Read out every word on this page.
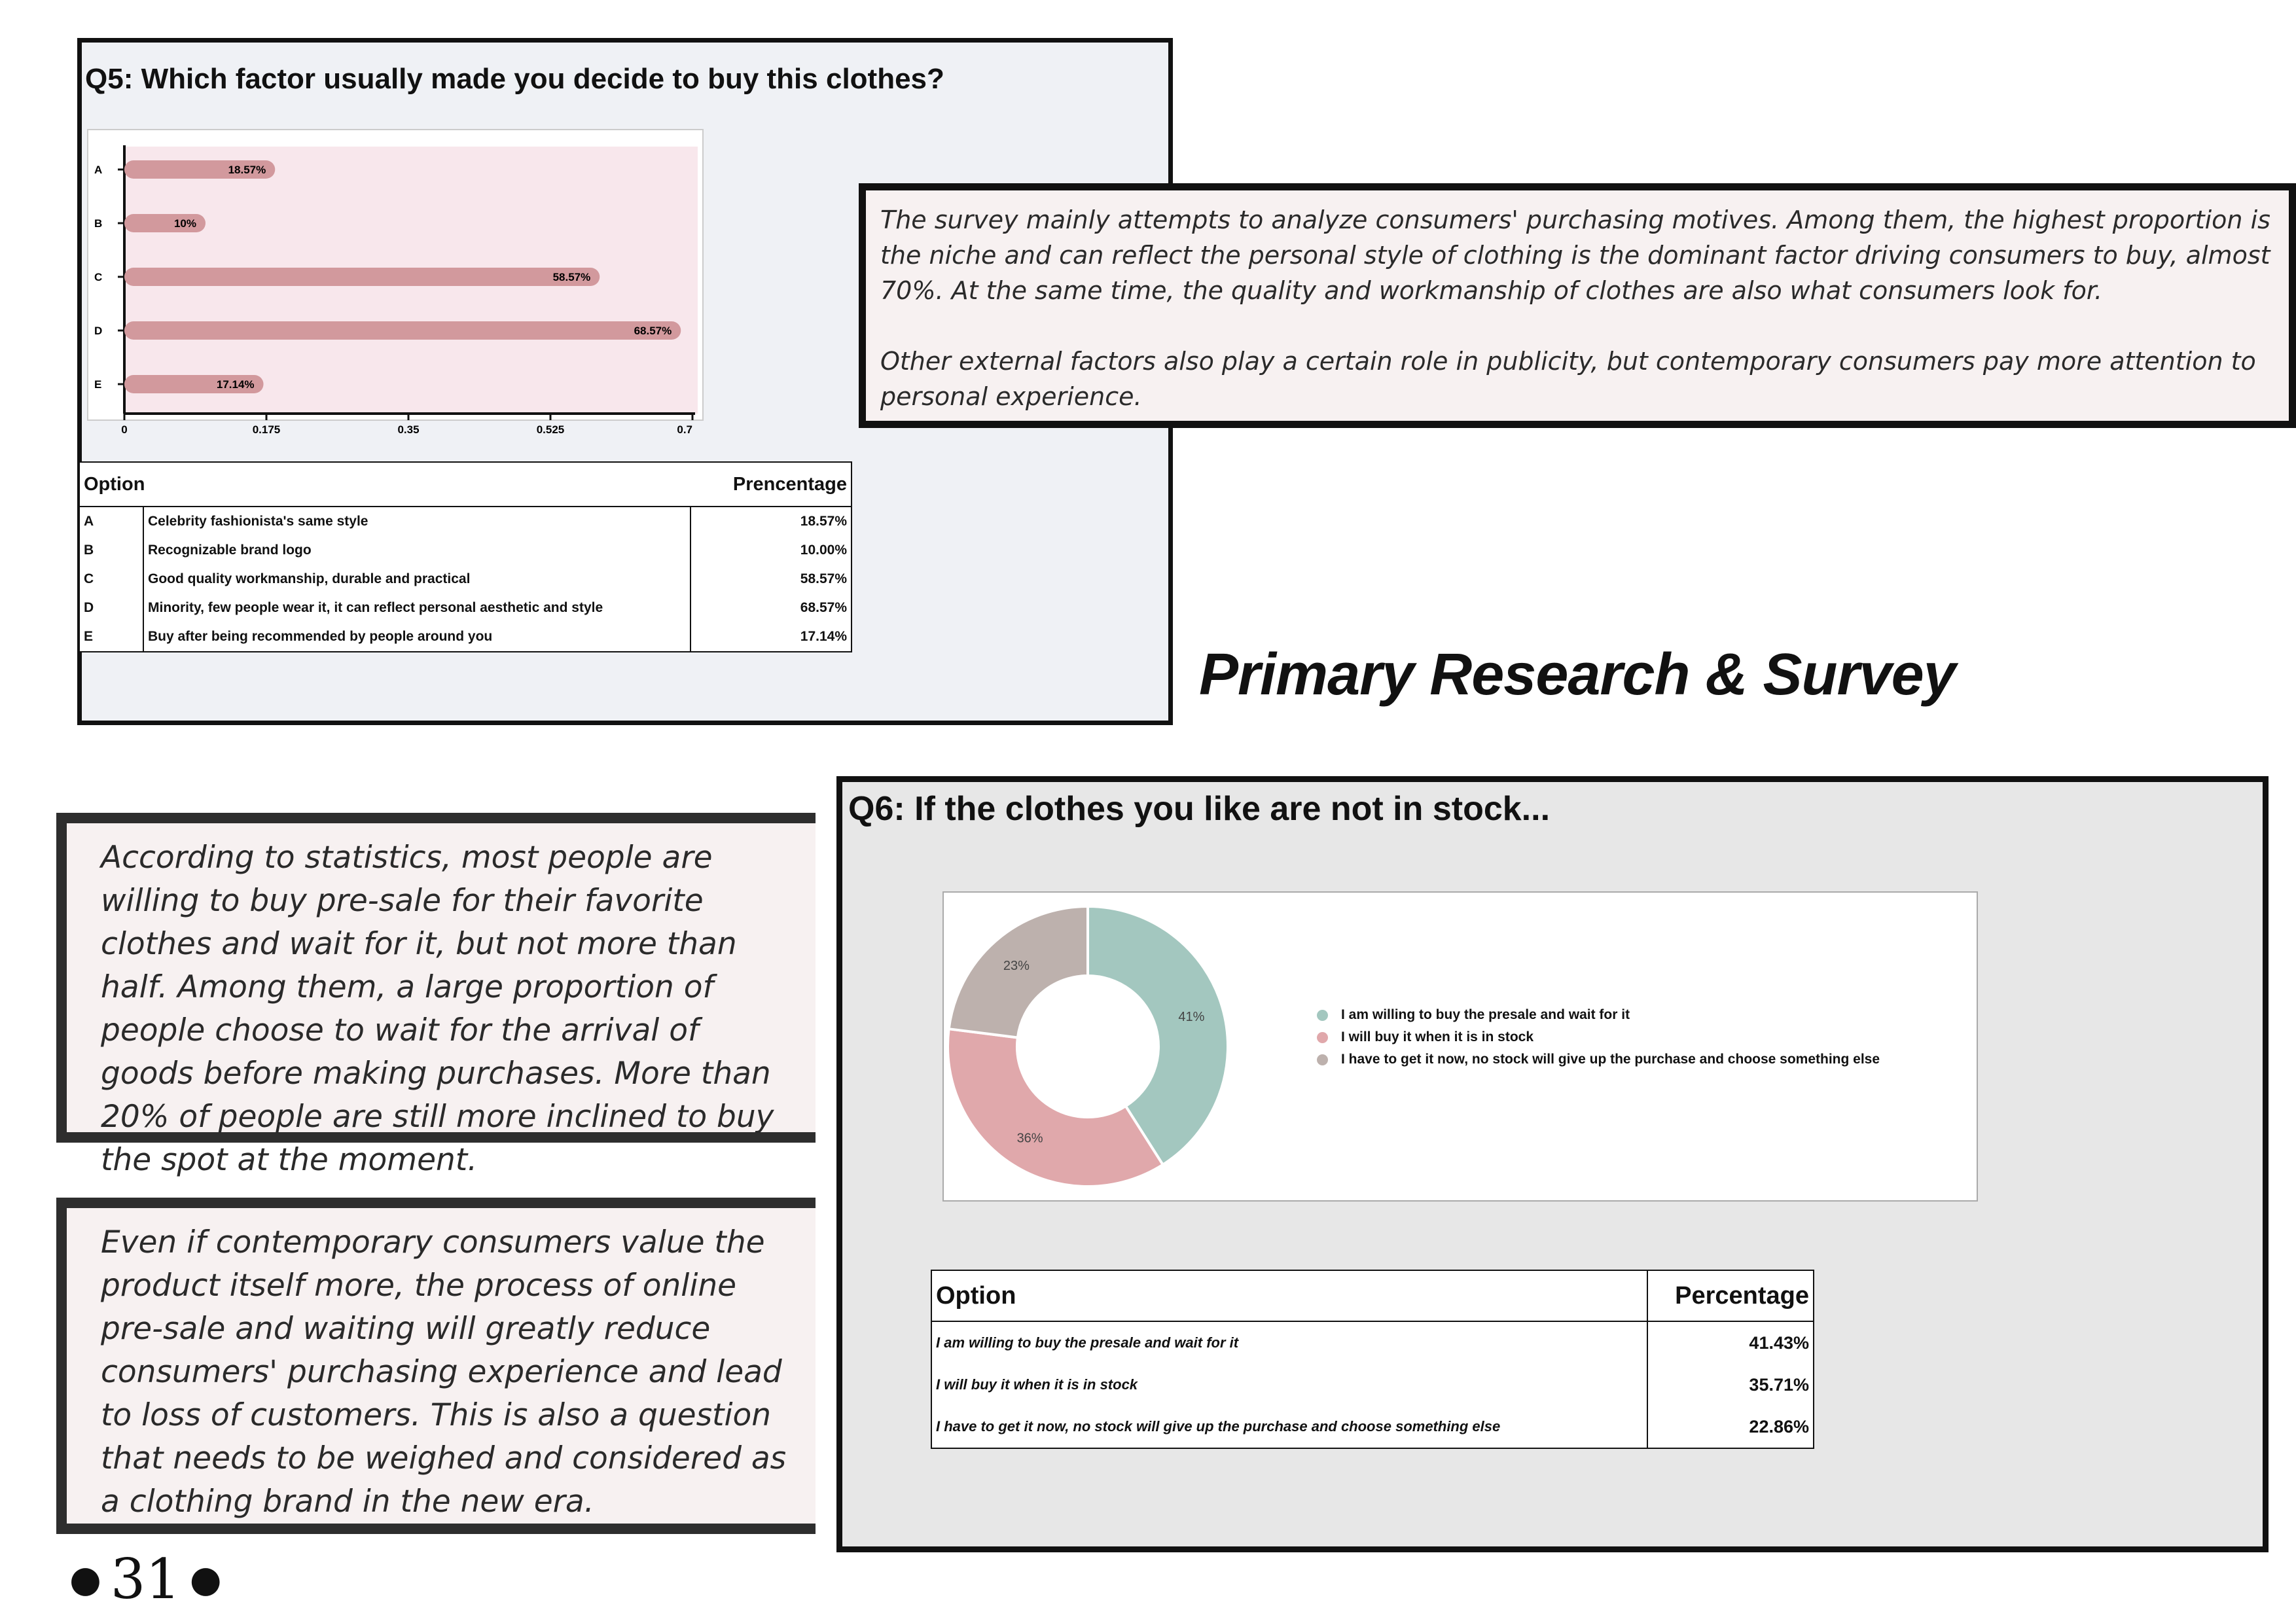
Q5: Which factor usually made you decide to buy this clothes?
A	18.57%
B	10%
C	58.57%
D	68.57%
E	17.14%
0	0.175	0.35	0.525	0.7
Option		Prencentage
A	Celebrity fashionista's same style	18.57%
B	Recognizable brand logo	10.00%
C	Good quality workmanship, durable and practical	58.57%
D	Minority, few people wear it, it can reflect personal aesthetic and style	68.57%
E	Buy after being recommended by people around you	17.14%

The survey mainly attempts to analyze consumers' purchasing motives. Among them, the highest proportion is the niche and can reflect the personal style of clothing is the dominant factor driving consumers to buy, almost 70%. At the same time, the quality and workmanship of clothes are also what consumers look for.

Other external factors also play a certain role in publicity, but contemporary consumers pay more attention to personal experience.

Primary Research & Survey
According to statistics, most people are willing to buy pre-sale for their favorite clothes and wait for it, but not more than half. Among them, a large proportion of people choose to wait for the arrival of goods before making purchases. More than 20% of people are still more inclined to buy the spot at the moment.
Even if contemporary consumers value the product itself more, the process of online pre-sale and waiting will greatly reduce consumers' purchasing experience and lead to loss of customers. This is also a question that needs to be weighed and considered as a clothing brand in the new era.
Q6: If the clothes you like are not in stock...
41%
36%
23%
I am willing to buy the presale and wait for it
I will buy it when it is in stock
I have to get it now, no stock will give up the purchase and choose something else
Option	Percentage
I am willing to buy the presale and wait for it	41.43%
I will buy it when it is in stock	35.71%
I have to get it now, no stock will give up the purchase and choose something else	22.86%
● 31 ●
